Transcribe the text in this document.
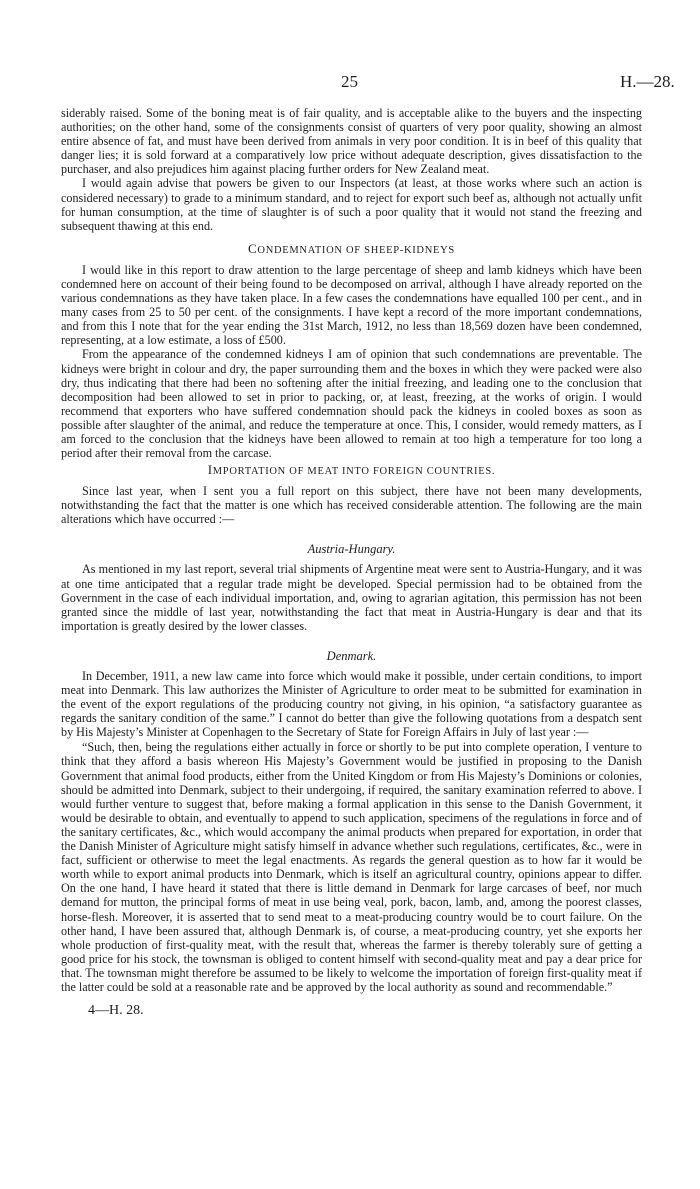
25	H.—28.

siderably raised. Some of the boning meat is of fair quality, and is acceptable alike to the buyers and the inspecting authorities; on the other hand, some of the consignments consist of quarters of very poor quality, showing an almost entire absence of fat, and must have been derived from animals in very poor condition. It is in beef of this quality that danger lies; it is sold forward at a comparatively low price without adequate description, gives dissatisfaction to the purchaser, and also prejudices him against placing further orders for New Zealand meat.

I would again advise that powers be given to our Inspectors (at least, at those works where such an action is considered necessary) to grade to a minimum standard, and to reject for export such beef as, although not actually unfit for human consumption, at the time of slaughter is of such a poor quality that it would not stand the freezing and subsequent thawing at this end.

CONDEMNATION OF SHEEP-KIDNEYS

I would like in this report to draw attention to the large percentage of sheep and lamb kidneys which have been condemned here on account of their being found to be decomposed on arrival, although I have already reported on the various condemnations as they have taken place. In a few cases the condemnations have equalled 100 per cent., and in many cases from 25 to 50 per cent. of the consignments. I have kept a record of the more important condemnations, and from this I note that for the year ending the 31st March, 1912, no less than 18,569 dozen have been condemned, representing, at a low estimate, a loss of £500.

From the appearance of the condemned kidneys I am of opinion that such condemnations are preventable. The kidneys were bright in colour and dry, the paper surrounding them and the boxes in which they were packed were also dry, thus indicating that there had been no softening after the initial freezing, and leading one to the conclusion that decomposition had been allowed to set in prior to packing, or, at least, freezing, at the works of origin. I would recommend that exporters who have suffered condemnation should pack the kidneys in cooled boxes as soon as possible after slaughter of the animal, and reduce the temperature at once. This, I consider, would remedy matters, as I am forced to the conclusion that the kidneys have been allowed to remain at too high a temperature for too long a period after their removal from the carcase.

IMPORTATION OF MEAT INTO FOREIGN COUNTRIES.

Since last year, when I sent you a full report on this subject, there have not been many developments, notwithstanding the fact that the matter is one which has received considerable attention. The following are the main alterations which have occurred :—

Austria-Hungary.

As mentioned in my last report, several trial shipments of Argentine meat were sent to Austria-Hungary, and it was at one time anticipated that a regular trade might be developed. Special permission had to be obtained from the Government in the case of each individual importation, and, owing to agrarian agitation, this permission has not been granted since the middle of last year, notwithstanding the fact that meat in Austria-Hungary is dear and that its importation is greatly desired by the lower classes.

Denmark.

In December, 1911, a new law came into force which would make it possible, under certain conditions, to import meat into Denmark. This law authorizes the Minister of Agriculture to order meat to be submitted for examination in the event of the export regulations of the producing country not giving, in his opinion, “a satisfactory guarantee as regards the sanitary condition of the same.” I cannot do better than give the following quotations from a despatch sent by His Majesty’s Minister at Copenhagen to the Secretary of State for Foreign Affairs in July of last year :—

“Such, then, being the regulations either actually in force or shortly to be put into complete operation, I venture to think that they afford a basis whereon His Majesty’s Government would be justified in proposing to the Danish Government that animal food products, either from the United Kingdom or from His Majesty’s Dominions or colonies, should be admitted into Denmark, subject to their undergoing, if required, the sanitary examination referred to above. I would further venture to suggest that, before making a formal application in this sense to the Danish Government, it would be desirable to obtain, and eventually to append to such application, specimens of the regulations in force and of the sanitary certificates, &c., which would accompany the animal products when prepared for exportation, in order that the Danish Minister of Agriculture might satisfy himself in advance whether such regulations, certificates, &c., were in fact, sufficient or otherwise to meet the legal enactments. As regards the general question as to how far it would be worth while to export animal products into Denmark, which is itself an agricultural country, opinions appear to differ. On the one hand, I have heard it stated that there is little demand in Denmark for large carcases of beef, nor much demand for mutton, the principal forms of meat in use being veal, pork, bacon, lamb, and, among the poorest classes, horse-flesh. Moreover, it is asserted that to send meat to a meat-producing country would be to court failure. On the other hand, I have been assured that, although Denmark is, of course, a meat-producing country, yet she exports her whole production of first-quality meat, with the result that, whereas the farmer is thereby tolerably sure of getting a good price for his stock, the townsman is obliged to content himself with second-quality meat and pay a dear price for that. The townsman might therefore be assumed to be likely to welcome the importation of foreign first-quality meat if the latter could be sold at a reasonable rate and be approved by the local authority as sound and recommendable.”

4—H. 28.
